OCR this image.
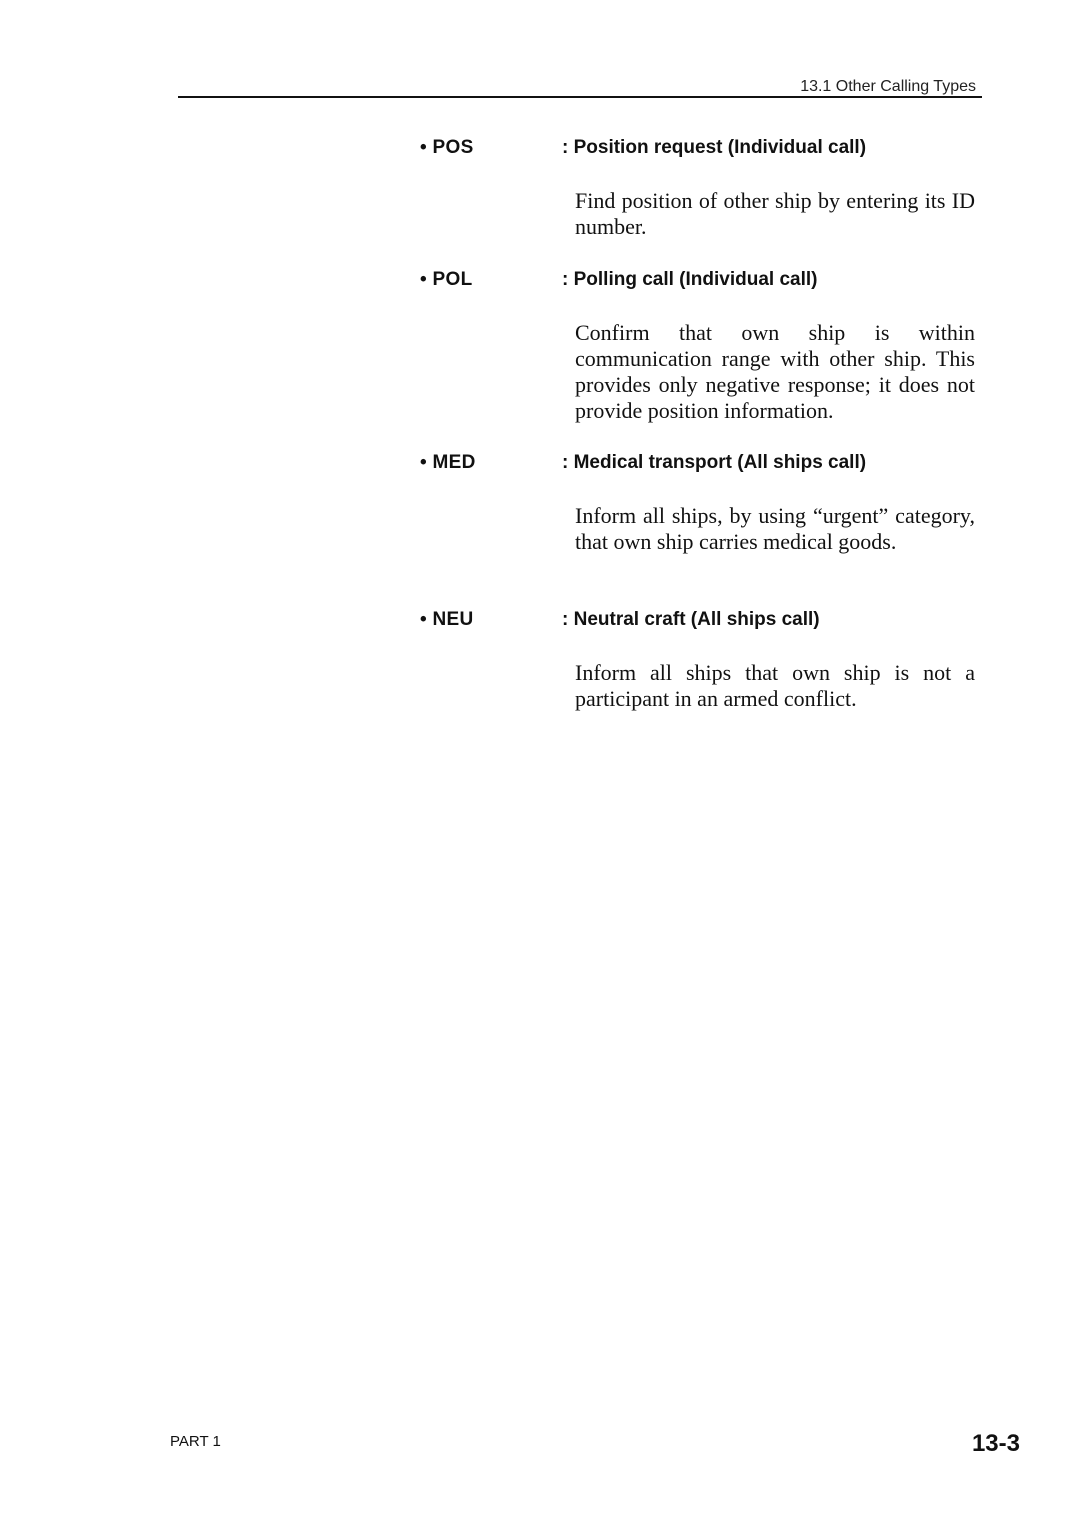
13.1 Other Calling Types
• POS	: Position request (Individual call)

Find position of other ship by entering its ID number.

• POL	: Polling call (Individual call)

Confirm that own ship is within communication range with other ship. This provides only negative response; it does not provide position information.

• MED	: Medical transport (All ships call)

Inform all ships, by using “urgent” category, that own ship carries medical goods.

• NEU	: Neutral craft (All ships call)

Inform all ships that own ship is not a participant in an armed conflict.

PART 1	13-3
